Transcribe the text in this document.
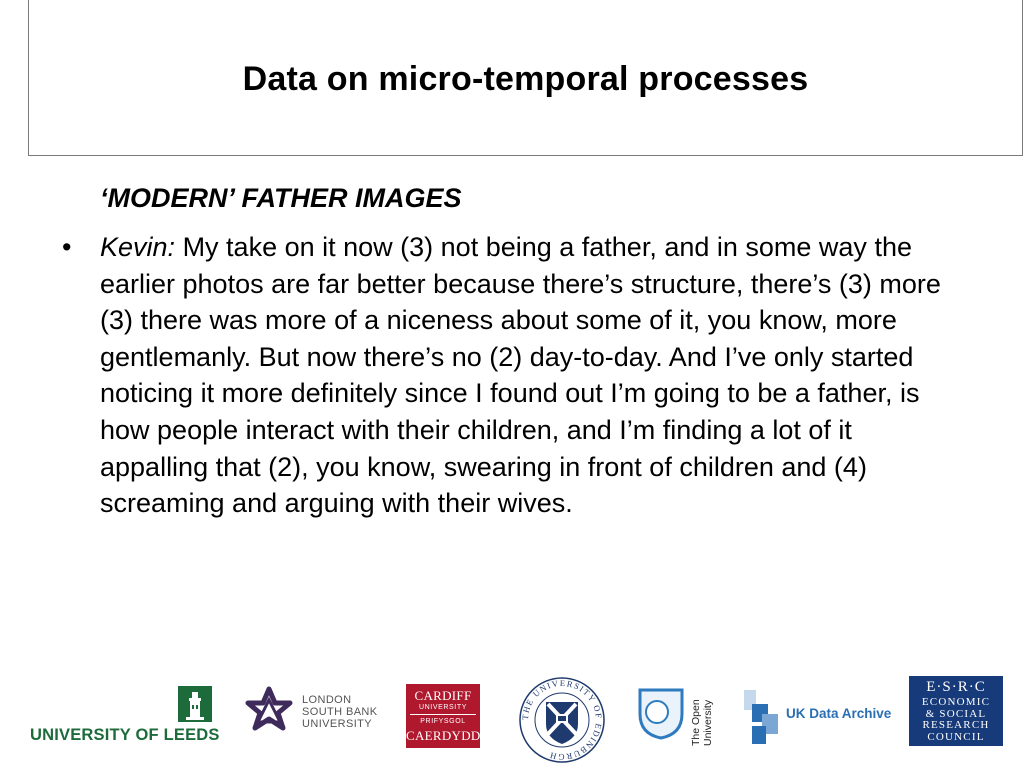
Data on micro-temporal processes
‘MODERN’ FATHER IMAGES
•	Kevin: My take on it now (3) not being a father, and in some way the earlier photos are far better because there’s structure, there’s (3) more (3) there was more of a niceness about some of it, you know, more gentlemanly. But now there’s no (2) day-to-day. And I’ve only started noticing it more definitely since I found out I’m going to be a father, is how people interact with their children, and I’m finding a lot of it appalling that (2), you know, swearing in front of children and (4) screaming and arguing with their wives.
UNIVERSITY OF LEEDS
LONDON
SOUTH BANK
UNIVERSITY
CARDIFF
UNIVERSITY
PRIFYSGOL
CAERDYDD
THE UNIVERSITY OF EDINBURGH
The Open University	UK Data Archive
E·S·R·C
ECONOMIC
& SOCIAL
RESEARCH
COUNCIL
